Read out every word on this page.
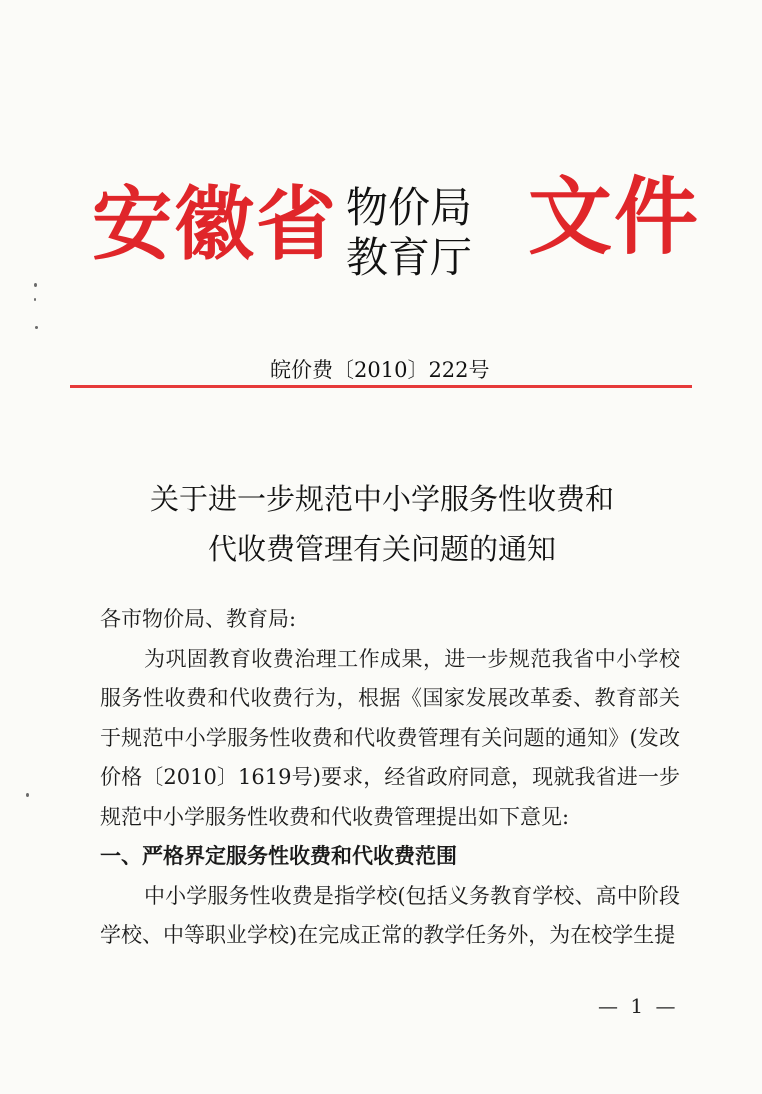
安徽省 物价局
教育厅 文件
皖价费〔2010〕222号
关于进一步规范中小学服务性收费和
代收费管理有关问题的通知

各市物价局、教育局:

为巩固教育收费治理工作成果，进一步规范我省中小学校服务性收费和代收费行为，根据《国家发展改革委、教育部关于规范中小学服务性收费和代收费管理有关问题的通知》(发改价格〔2010〕1619号)要求，经省政府同意，现就我省进一步规范中小学服务性收费和代收费管理提出如下意见:

一、严格界定服务性收费和代收费范围

中小学服务性收费是指学校(包括义务教育学校、高中阶段学校、中等职业学校)在完成正常的教学任务外，为在校学生提

— 1 —
